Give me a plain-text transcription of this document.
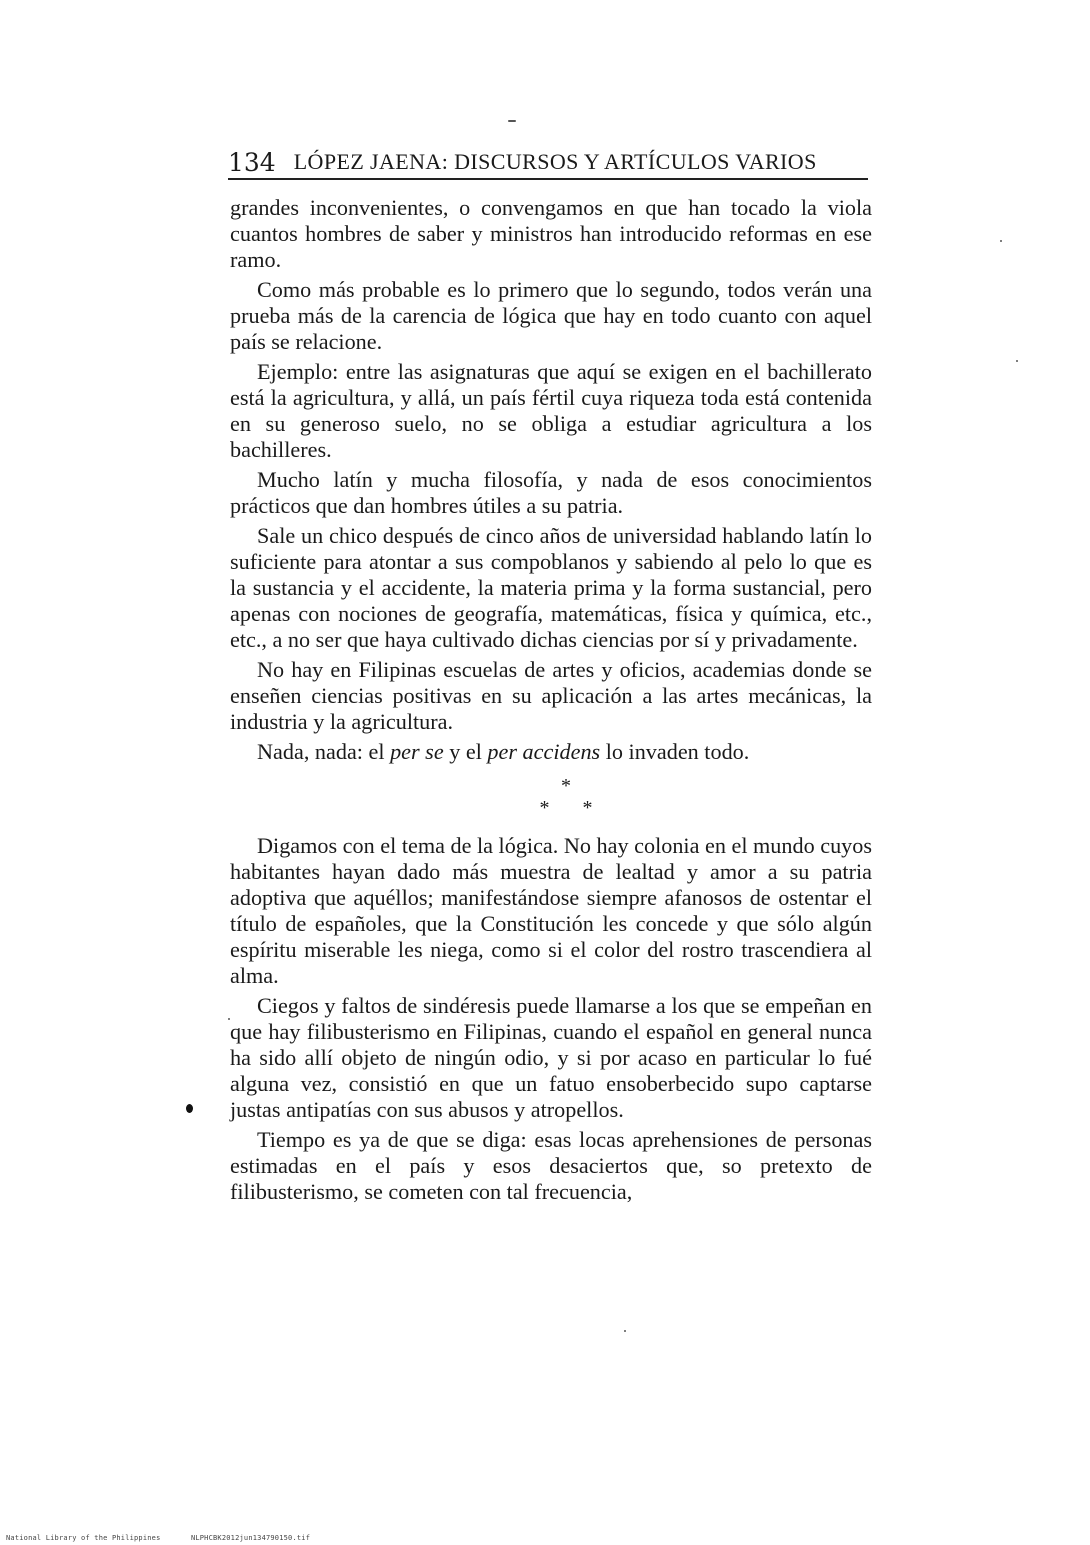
134 LÓPEZ JAENA: DISCURSOS Y ARTÍCULOS VARIOS

grandes inconvenientes, o convengamos en que han tocado la viola cuantos hombres de saber y ministros han introducido reformas en ese ramo.

Como más probable es lo primero que lo segundo, todos verán una prueba más de la carencia de lógica que hay en todo cuanto con aquel país se relacione.

Ejemplo: entre las asignaturas que aquí se exigen en el bachillerato está la agricultura, y allá, un país fértil cuya riqueza toda está contenida en su generoso suelo, no se obliga a estudiar agricultura a los bachilleres.

Mucho latín y mucha filosofía, y nada de esos conocimientos prácticos que dan hombres útiles a su patria.

Sale un chico después de cinco años de universidad hablando latín lo suficiente para atontar a sus compoblanos y sabiendo al pelo lo que es la sustancia y el accidente, la materia prima y la forma sustancial, pero apenas con nociones de geografía, matemáticas, física y química, etc., etc., a no ser que haya cultivado dichas ciencias por sí y privadamente.

No hay en Filipinas escuelas de artes y oficios, academias donde se enseñen ciencias positivas en su aplicación a las artes mecánicas, la industria y la agricultura.

Nada, nada: el per se y el per accidens lo invaden todo.

*
* *

Digamos con el tema de la lógica. No hay colonia en el mundo cuyos habitantes hayan dado más muestra de lealtad y amor a su patria adoptiva que aquéllos; manifestándose siempre afanosos de ostentar el título de españoles, que la Constitución les concede y que sólo algún espíritu miserable les niega, como si el color del rostro trascendiera al alma.

Ciegos y faltos de sindéresis puede llamarse a los que se empeñan en que hay filibusterismo en Filipinas, cuando el español en general nunca ha sido allí objeto de ningún odio, y si por acaso en particular lo fué alguna vez, consistió en que un fatuo ensoberbecido supo captarse justas antipatías con sus abusos y atropellos.

Tiempo es ya de que se diga: esas locas aprehensiones de personas estimadas en el país y esos desaciertos que, so pretexto de filibusterismo, se cometen con tal frecuencia,

National Library of the Philippines	NLPHCBK2012jun134790150.tif
